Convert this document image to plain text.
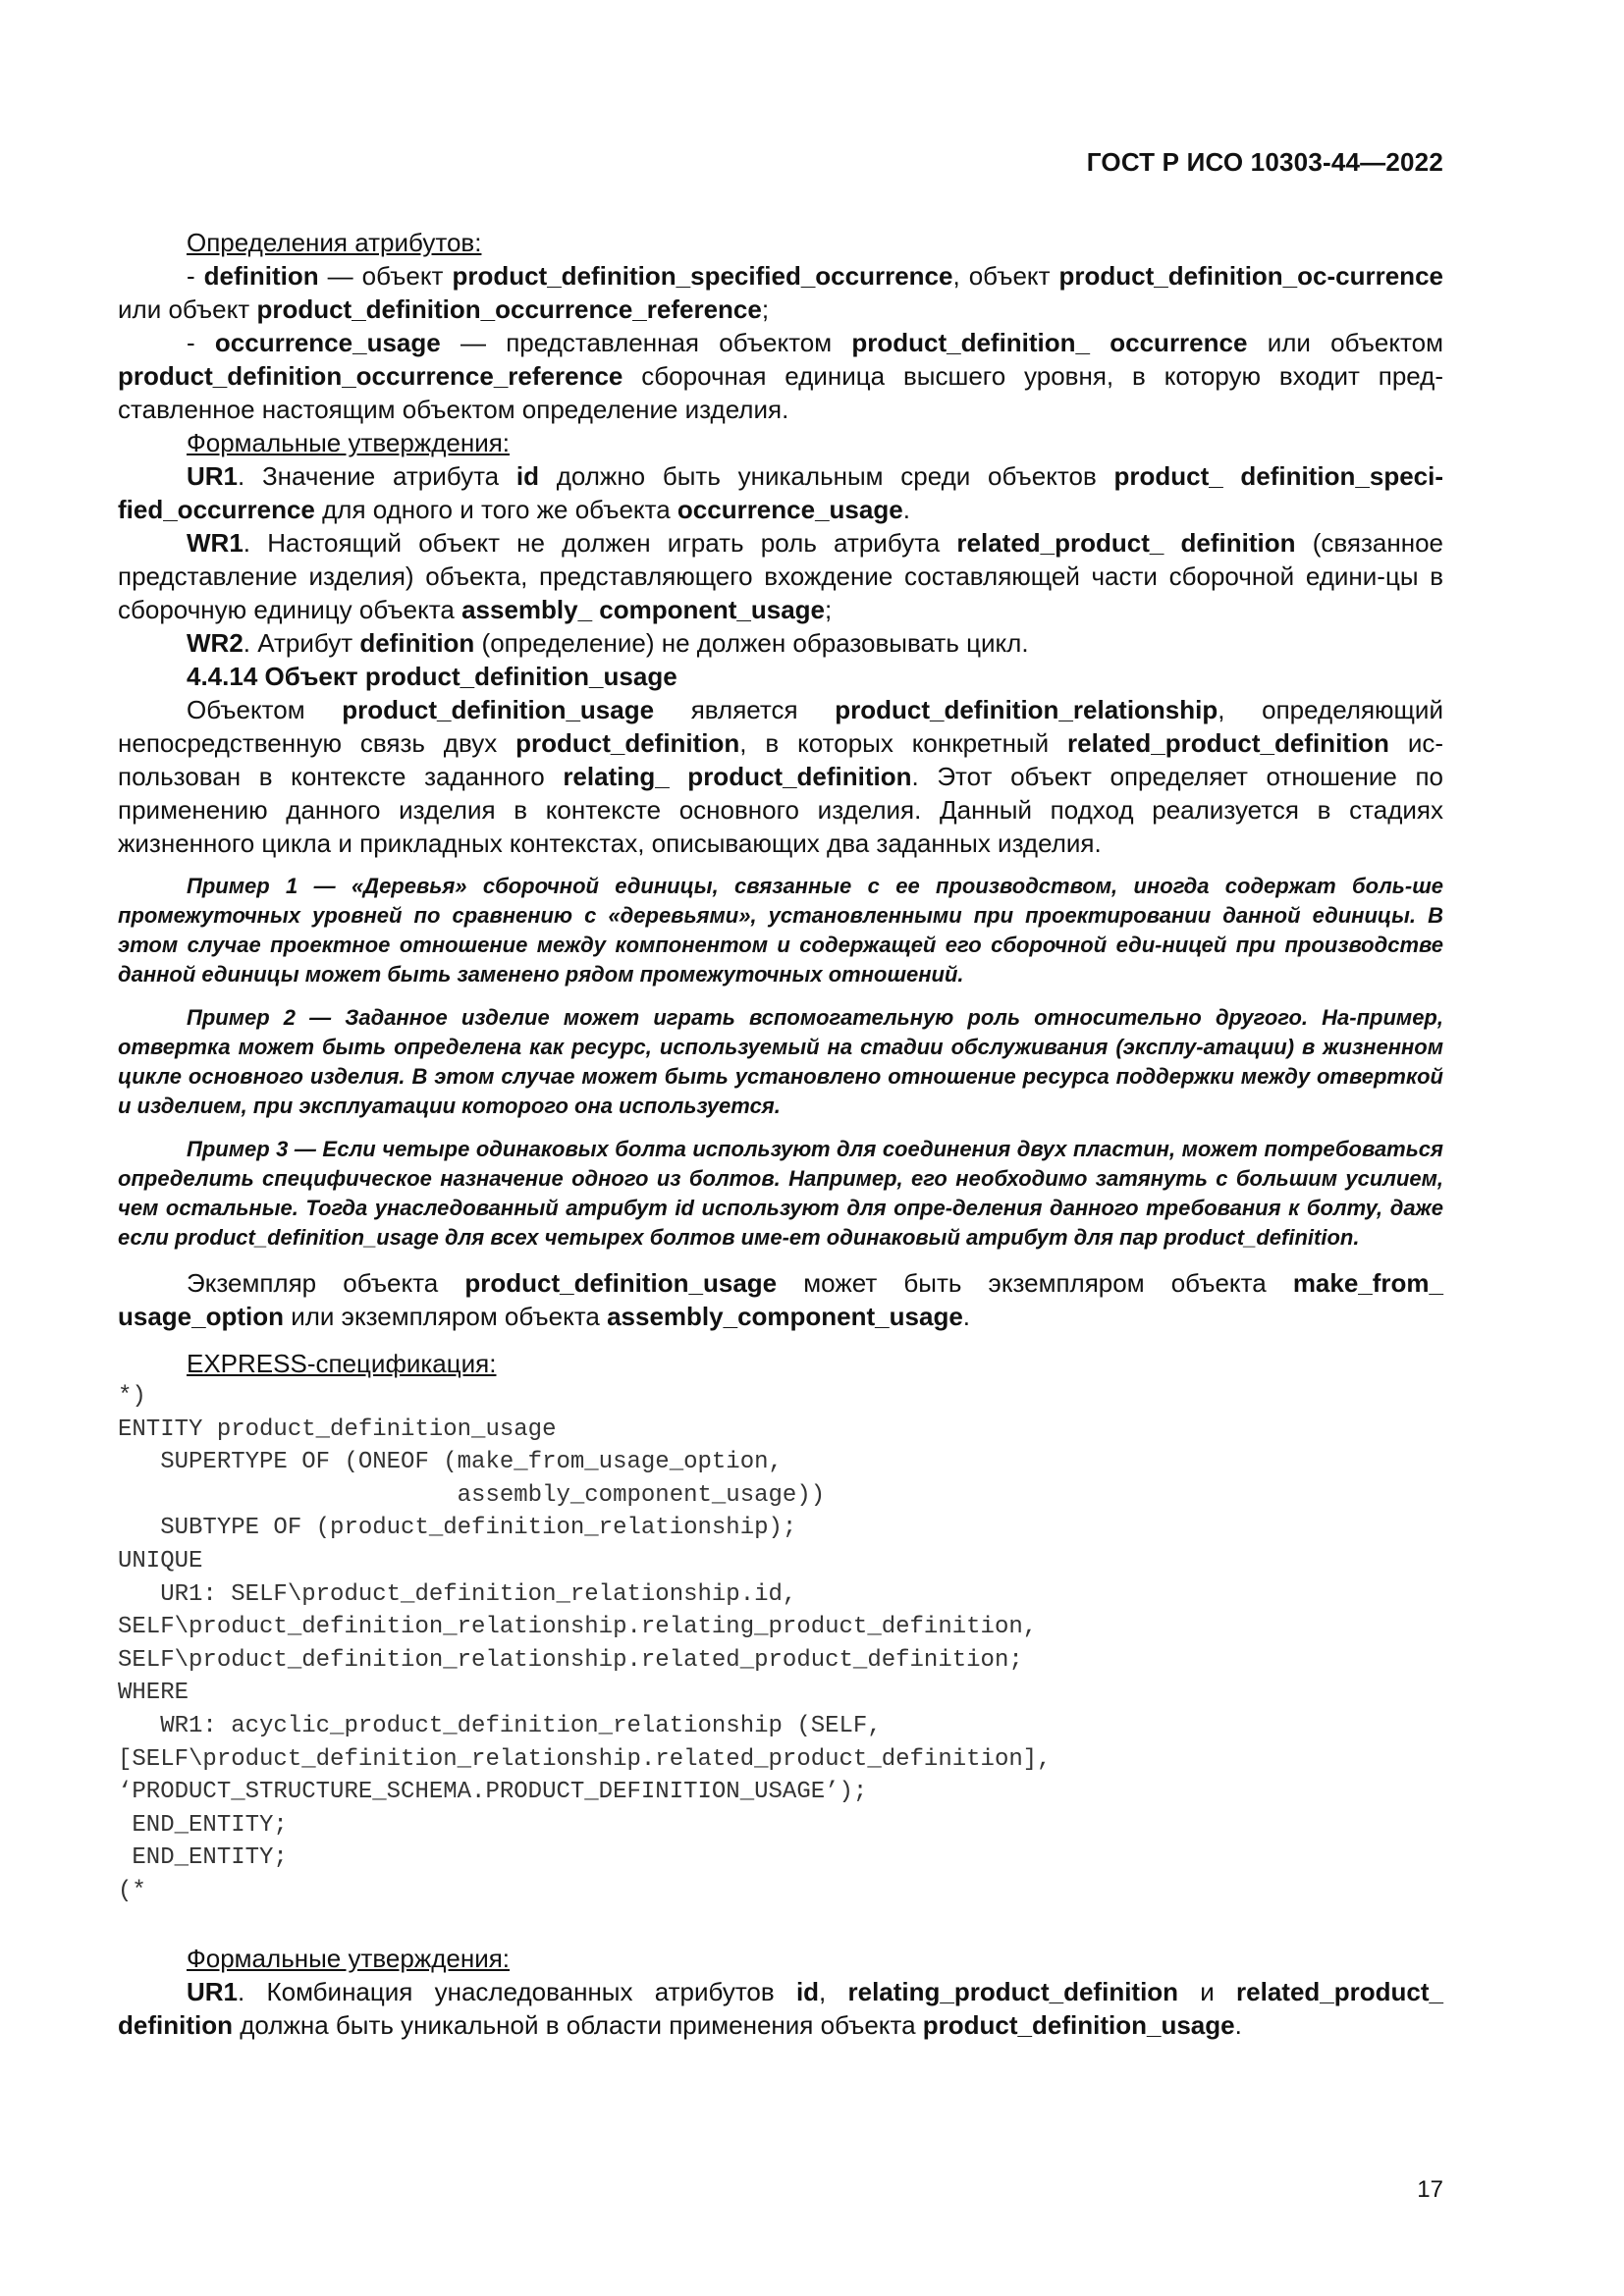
ГОСТ Р ИСО 10303-44—2022

Определения атрибутов:

- definition — объект product_definition_specified_occurrence, объект product_definition_oc-currence или объект product_definition_occurrence_reference;

- occurrence_usage — представленная объектом product_definition_ occurrence или объектом product_definition_occurrence_reference сборочная единица высшего уровня, в которую входит пред-ставленное настоящим объектом определение изделия.

Формальные утверждения:

UR1. Значение атрибута id должно быть уникальным среди объектов product_ definition_speci-fied_occurrence для одного и того же объекта occurrence_usage.

WR1. Настоящий объект не должен играть роль атрибута related_product_ definition (связанное представление изделия) объекта, представляющего вхождение составляющей части сборочной едини-цы в сборочную единицу объекта assembly_ component_usage;

WR2. Атрибут definition (определение) не должен образовывать цикл.

4.4.14 Объект product_definition_usage

Объектом product_definition_usage является product_definition_relationship, определяющий непосредственную связь двух product_definition, в которых конкретный related_product_definition ис-пользован в контексте заданного relating_ product_definition. Этот объект определяет отношение по применению данного изделия в контексте основного изделия. Данный подход реализуется в стадиях жизненного цикла и прикладных контекстах, описывающих два заданных изделия.

Пример 1 — «Деревья» сборочной единицы, связанные с ее производством, иногда содержат боль-ше промежуточных уровней по сравнению с «деревьями», установленными при проектировании данной единицы. В этом случае проектное отношение между компонентом и содержащей его сборочной еди-ницей при производстве данной единицы может быть заменено рядом промежуточных отношений.

Пример 2 — Заданное изделие может играть вспомогательную роль относительно другого. На-пример, отвертка может быть определена как ресурс, используемый на стадии обслуживания (эксплу-атации) в жизненном цикле основного изделия. В этом случае может быть установлено отношение ресурса поддержки между отверткой и изделием, при эксплуатации которого она используется.

Пример 3 — Если четыре одинаковых болта используют для соединения двух пластин, может потребоваться определить специфическое назначение одного из болтов. Например, его необходимо затянуть с большим усилием, чем остальные. Тогда унаследованный атрибут id используют для опре-деления данного требования к болту, даже если product_definition_usage для всех четырех болтов име-ет одинаковый атрибут для пар product_definition.

Экземпляр объекта product_definition_usage может быть экземпляром объекта make_from_ usage_option или экземпляром объекта assembly_component_usage.

EXPRESS-спецификация:

*)
ENTITY product_definition_usage
SUPERTYPE OF (ONEOF (make_from_usage_option,
assembly_component_usage))
SUBTYPE OF (product_definition_relationship);
UNIQUE
UR1: SELF\product_definition_relationship.id,
SELF\product_definition_relationship.relating_product_definition,
SELF\product_definition_relationship.related_product_definition;
WHERE
WR1: acyclic_product_definition_relationship (SELF,
[SELF\product_definition_relationship.related_product_definition],
‘PRODUCT_STRUCTURE_SCHEMA.PRODUCT_DEFINITION_USAGE’);
END_ENTITY;
END_ENTITY;
(*

Формальные утверждения:

UR1. Комбинация унаследованных атрибутов id, relating_product_definition и related_product_ definition должна быть уникальной в области применения объекта product_definition_usage.

17
